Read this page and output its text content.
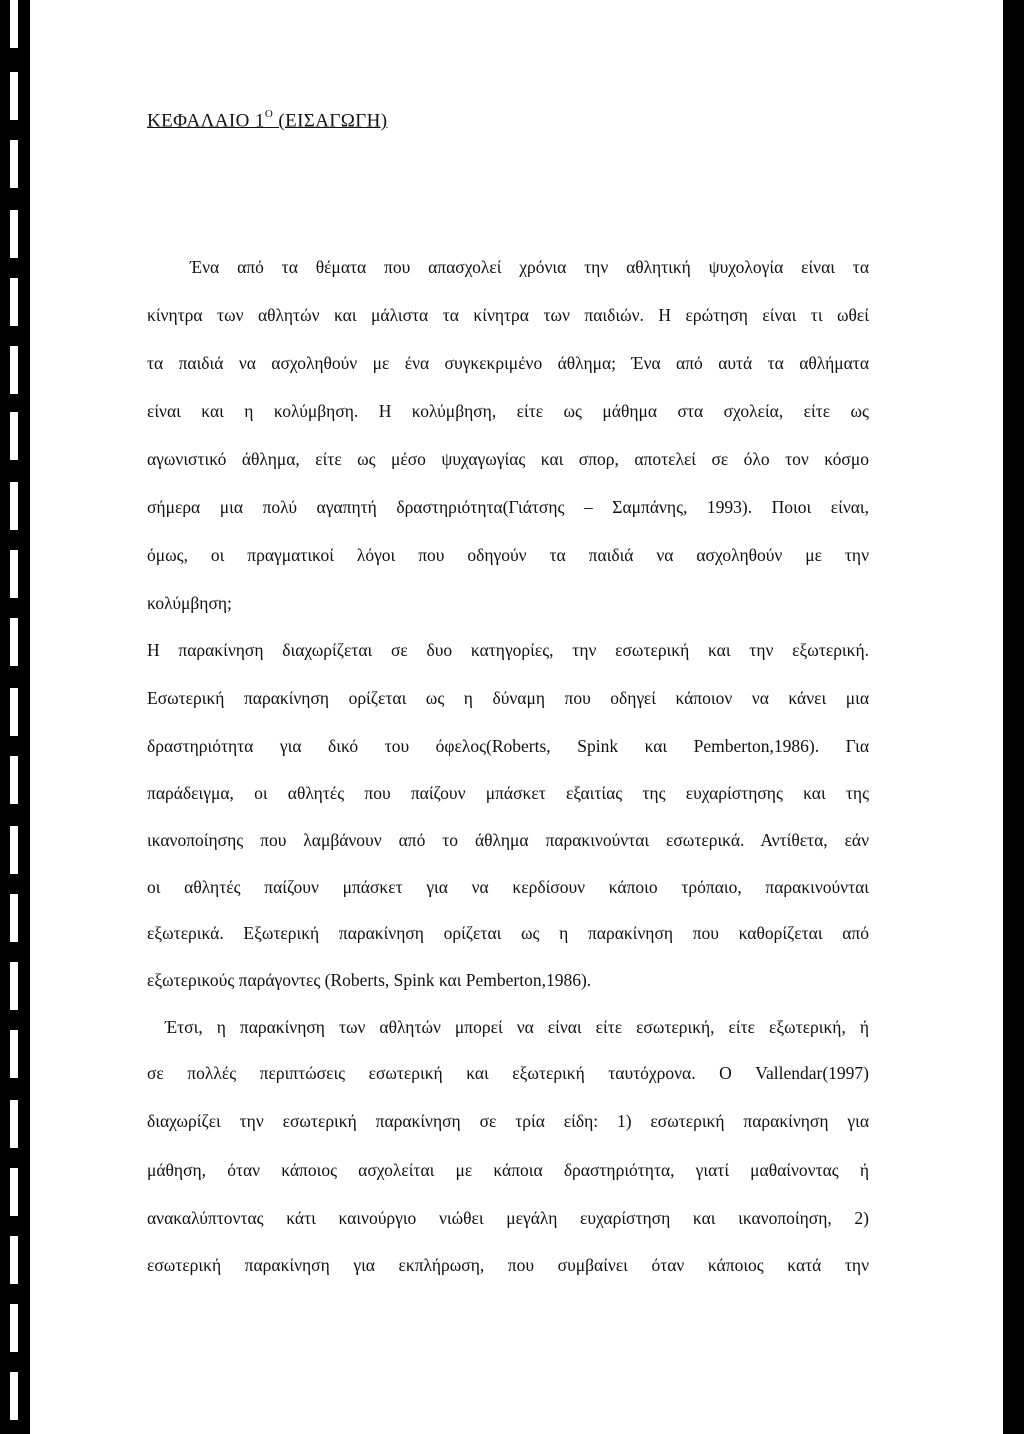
ΚΕΦΑΛΑΙΟ $1^O$ (ΕΙΣΑΓΩΓΗ)
Ένα από τα θέματα που απασχολεί χρόνια την αθλητική ψυχολογία είναι τα
κίνητρα των αθλητών και μάλιστα τα κίνητρα των παιδιών. Η ερώτηση είναι τι ωθεί
τα παιδιά να ασχοληθούν με ένα συγκεκριμένο άθλημα; Ένα από αυτά τα αθλήματα
είναι και η κολύμβηση. Η κολύμβηση, είτε ως μάθημα στα σχολεία, είτε ως
αγωνιστικό άθλημα, είτε ως μέσο ψυχαγωγίας και σπορ, αποτελεί σε όλο τον κόσμο
σήμερα μια πολύ αγαπητή δραστηριότητα(Γιάτσης – Σαμπάνης, 1993). Ποιοι είναι,
όμως, οι πραγματικοί λόγοι που οδηγούν τα παιδιά να ασχοληθούν με την
κολύμβηση;
Η παρακίνηση διαχωρίζεται σε δυο κατηγορίες, την εσωτερική και την εξωτερική.
Εσωτερική παρακίνηση ορίζεται ως η δύναμη που οδηγεί κάποιον να κάνει μια
δραστηριότητα για δικό του όφελος(Roberts, Spink και Pemberton,1986). Για
παράδειγμα, οι αθλητές που παίζουν μπάσκετ εξαιτίας της ευχαρίστησης και της
ικανοποίησης που λαμβάνουν από το άθλημα παρακινούνται εσωτερικά. Αντίθετα, εάν
οι αθλητές παίζουν μπάσκετ για να κερδίσουν κάποιο τρόπαιο, παρακινούνται
εξωτερικά. Εξωτερική παρακίνηση ορίζεται ως η παρακίνηση που καθορίζεται από
εξωτερικούς παράγοντες (Roberts, Spink και Pemberton,1986).
Έτσι, η παρακίνηση των αθλητών μπορεί να είναι είτε εσωτερική, είτε εξωτερική, ή
σε πολλές περιπτώσεις εσωτερική και εξωτερική ταυτόχρονα. Ο Vallendar(1997)
διαχωρίζει την εσωτερική παρακίνηση σε τρία είδη: 1) εσωτερική παρακίνηση για
μάθηση, όταν κάποιος ασχολείται με κάποια δραστηριότητα, γιατί μαθαίνοντας ή
ανακαλύπτοντας κάτι καινούργιο νιώθει μεγάλη ευχαρίστηση και ικανοποίηση, 2)
εσωτερική παρακίνηση για εκπλήρωση, που συμβαίνει όταν κάποιος κατά την
